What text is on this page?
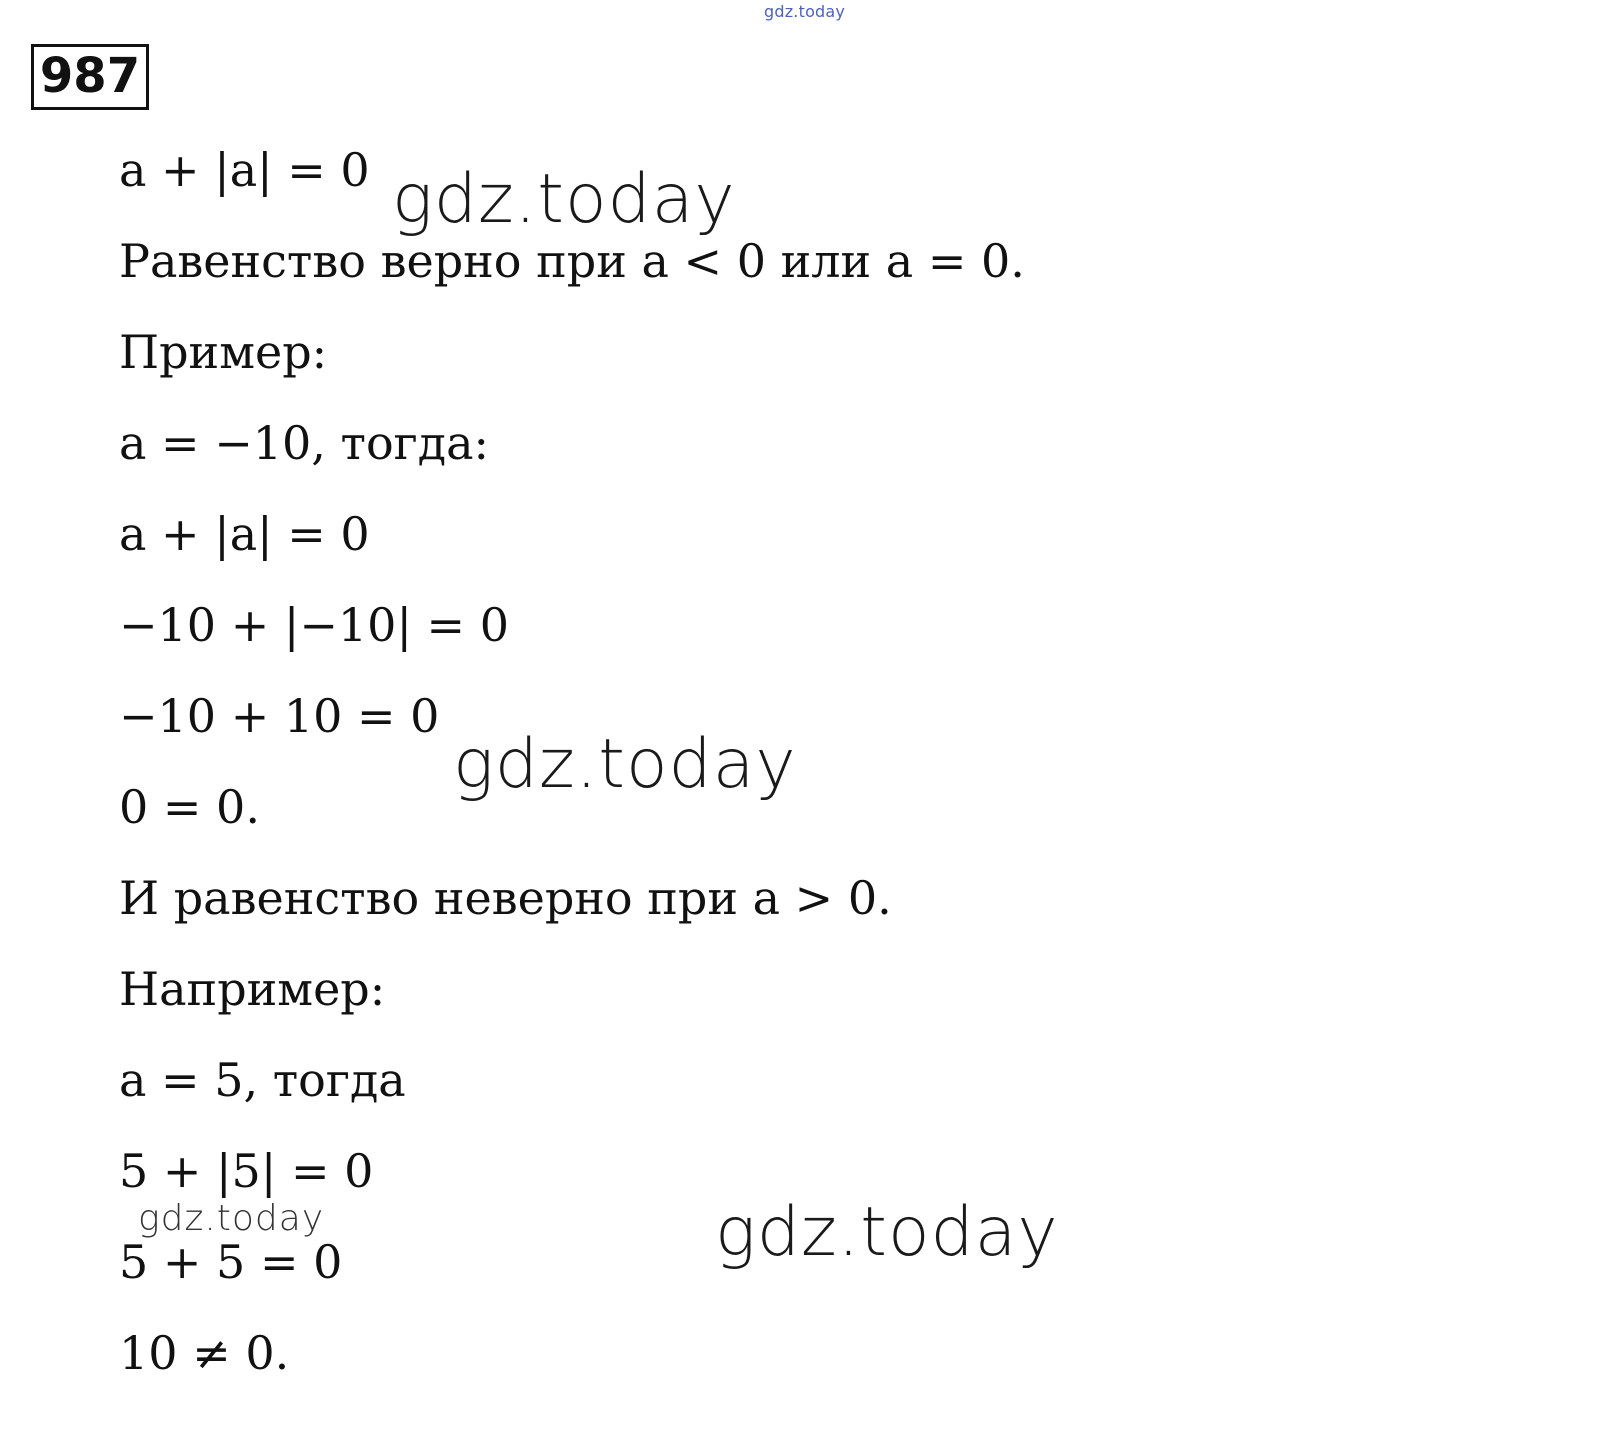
gdz.today
987
a + |a| = 0
Равенство верно при a < 0 или a = 0.
Пример:
a = −10, тогда:
a + |a| = 0
−10 + |−10| = 0
−10 + 10 = 0
0 = 0.
И равенство неверно при a > 0.
Например:
a = 5, тогда
5 + |5| = 0
5 + 5 = 0
10 ≠ 0.
gdz.today
gdz.today
gdz.today	gdz.today
